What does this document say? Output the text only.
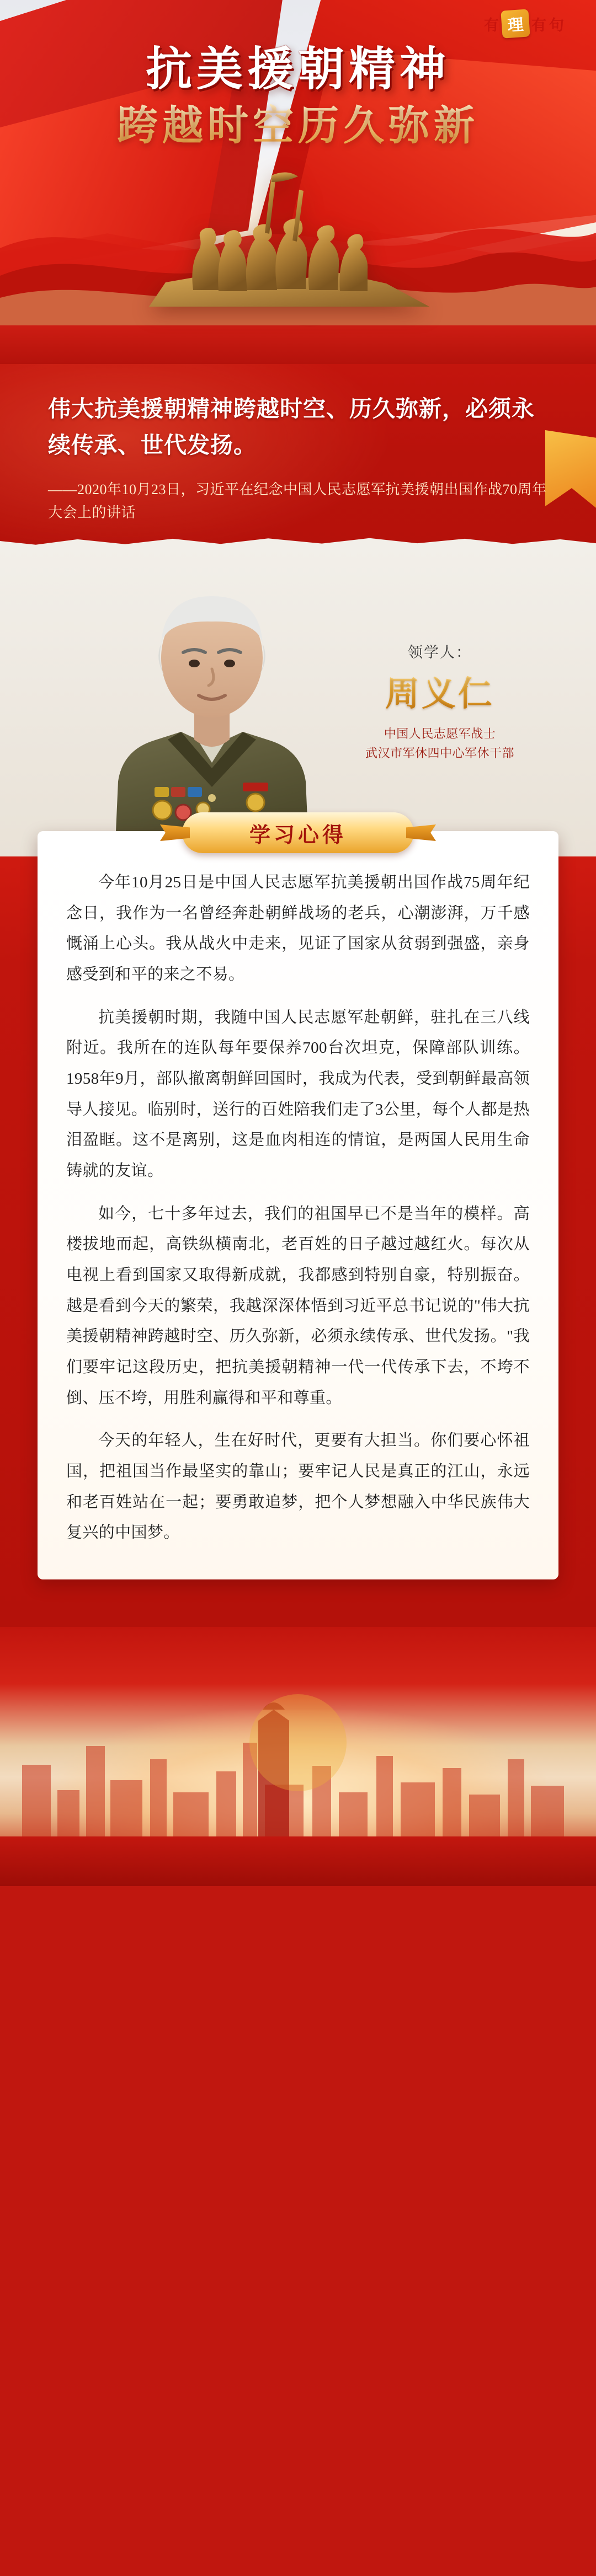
有 理 有 句
抗美援朝精神
跨越时空历久弥新
伟大抗美援朝精神跨越时空、历久弥新，必须永续传承、世代发扬。
——2020年10月23日，习近平在纪念中国人民志愿军抗美援朝出国作战70周年大会上的讲话
领学人：
周义仁
中国人民志愿军战士
武汉市军休四中心军休干部
学习心得

今年10月25日是中国人民志愿军抗美援朝出国作战75周年纪念日，我作为一名曾经奔赴朝鲜战场的老兵，心潮澎湃，万千感慨涌上心头。我从战火中走来，见证了国家从贫弱到强盛，亲身感受到和平的来之不易。

抗美援朝时期，我随中国人民志愿军赴朝鲜，驻扎在三八线附近。我所在的连队每年要保养700台次坦克，保障部队训练。1958年9月，部队撤离朝鲜回国时，我成为代表，受到朝鲜最高领导人接见。临别时，送行的百姓陪我们走了3公里，每个人都是热泪盈眶。这不是离别，这是血肉相连的情谊，是两国人民用生命铸就的友谊。

如今，七十多年过去，我们的祖国早已不是当年的模样。高楼拔地而起，高铁纵横南北，老百姓的日子越过越红火。每次从电视上看到国家又取得新成就，我都感到特别自豪，特别振奋。越是看到今天的繁荣，我越深深体悟到习近平总书记说的"伟大抗美援朝精神跨越时空、历久弥新，必须永续传承、世代发扬。"我们要牢记这段历史，把抗美援朝精神一代一代传承下去，不垮不倒、压不垮，用胜利赢得和平和尊重。

今天的年轻人，生在好时代，更要有大担当。你们要心怀祖国，把祖国当作最坚实的靠山；要牢记人民是真正的江山，永远和老百姓站在一起；要勇敢追梦，把个人梦想融入中华民族伟大复兴的中国梦。
